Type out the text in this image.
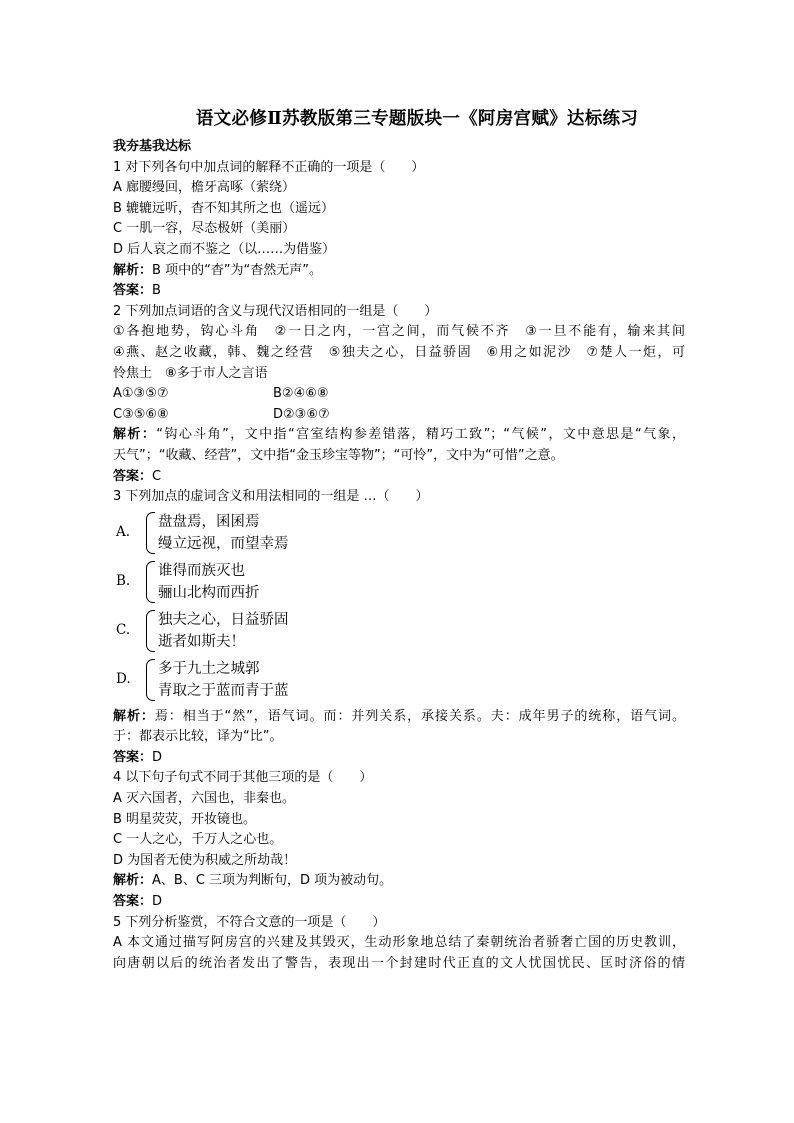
语文必修Ⅱ苏教版第三专题版块一《阿房宫赋》达标练习
我夯基我达标
1 对下列各句中加点词的解释不正确的一项是（　　）
A 廊腰缦回，檐牙高啄（萦绕）
B 辘辘远听，杳不知其所之也（遥远）
C 一肌一容，尽态极妍（美丽）
D 后人哀之而不鉴之（以……为借鉴）
解析：B 项中的“杳”为“杳然无声”。
答案：B
2 下列加点词语的含义与现代汉语相同的一组是（　　）
①各抱地势，钩心斗角　②一日之内，一宫之间，而气候不齐　③一旦不能有，输来其间
④燕、赵之收藏，韩、魏之经营　⑤独夫之心，日益骄固　⑥用之如泥沙　⑦楚人一炬，可
怜焦土　⑧多于市人之言语
A①③⑤⑦	B②④⑥⑧
C③⑤⑥⑧	D②③⑥⑦
解析：“钩心斗角”，文中指“宫室结构参差错落，精巧工致”；“气候”，文中意思是“气象，
天气”；“收藏、经营”，文中指“金玉珍宝等物”；“可怜”，文中为“可惜”之意。
答案：C
3 下列加点的虚词含义和用法相同的一组是 …（　　）
A.
盘盘焉，囷囷焉
缦立远视，而望幸焉
B.
谁得而族灭也
骊山北构而西折
C.
独夫之心，日益骄固
逝者如斯夫！
D.
多于九土之城郭
青取之于蓝而青于蓝
解析：焉：相当于“然”，语气词。而：并列关系，承接关系。夫：成年男子的统称，语气词。
于：都表示比较，译为“比”。
答案：D
4 以下句子句式不同于其他三项的是（　　）
A 灭六国者，六国也，非秦也。
B 明星荧荧，开妆镜也。
C 一人之心，千万人之心也。
D 为国者无使为积威之所劫哉！
解析：A、B、C 三项为判断句，D 项为被动句。
答案：D
5 下列分析鉴赏，不符合文意的一项是（　　）
A 本文通过描写阿房宫的兴建及其毁灭，生动形象地总结了秦朝统治者骄奢亡国的历史教训，
向唐朝以后的统治者发出了警告，表现出一个封建时代正直的文人忧国忧民、匡时济俗的情
